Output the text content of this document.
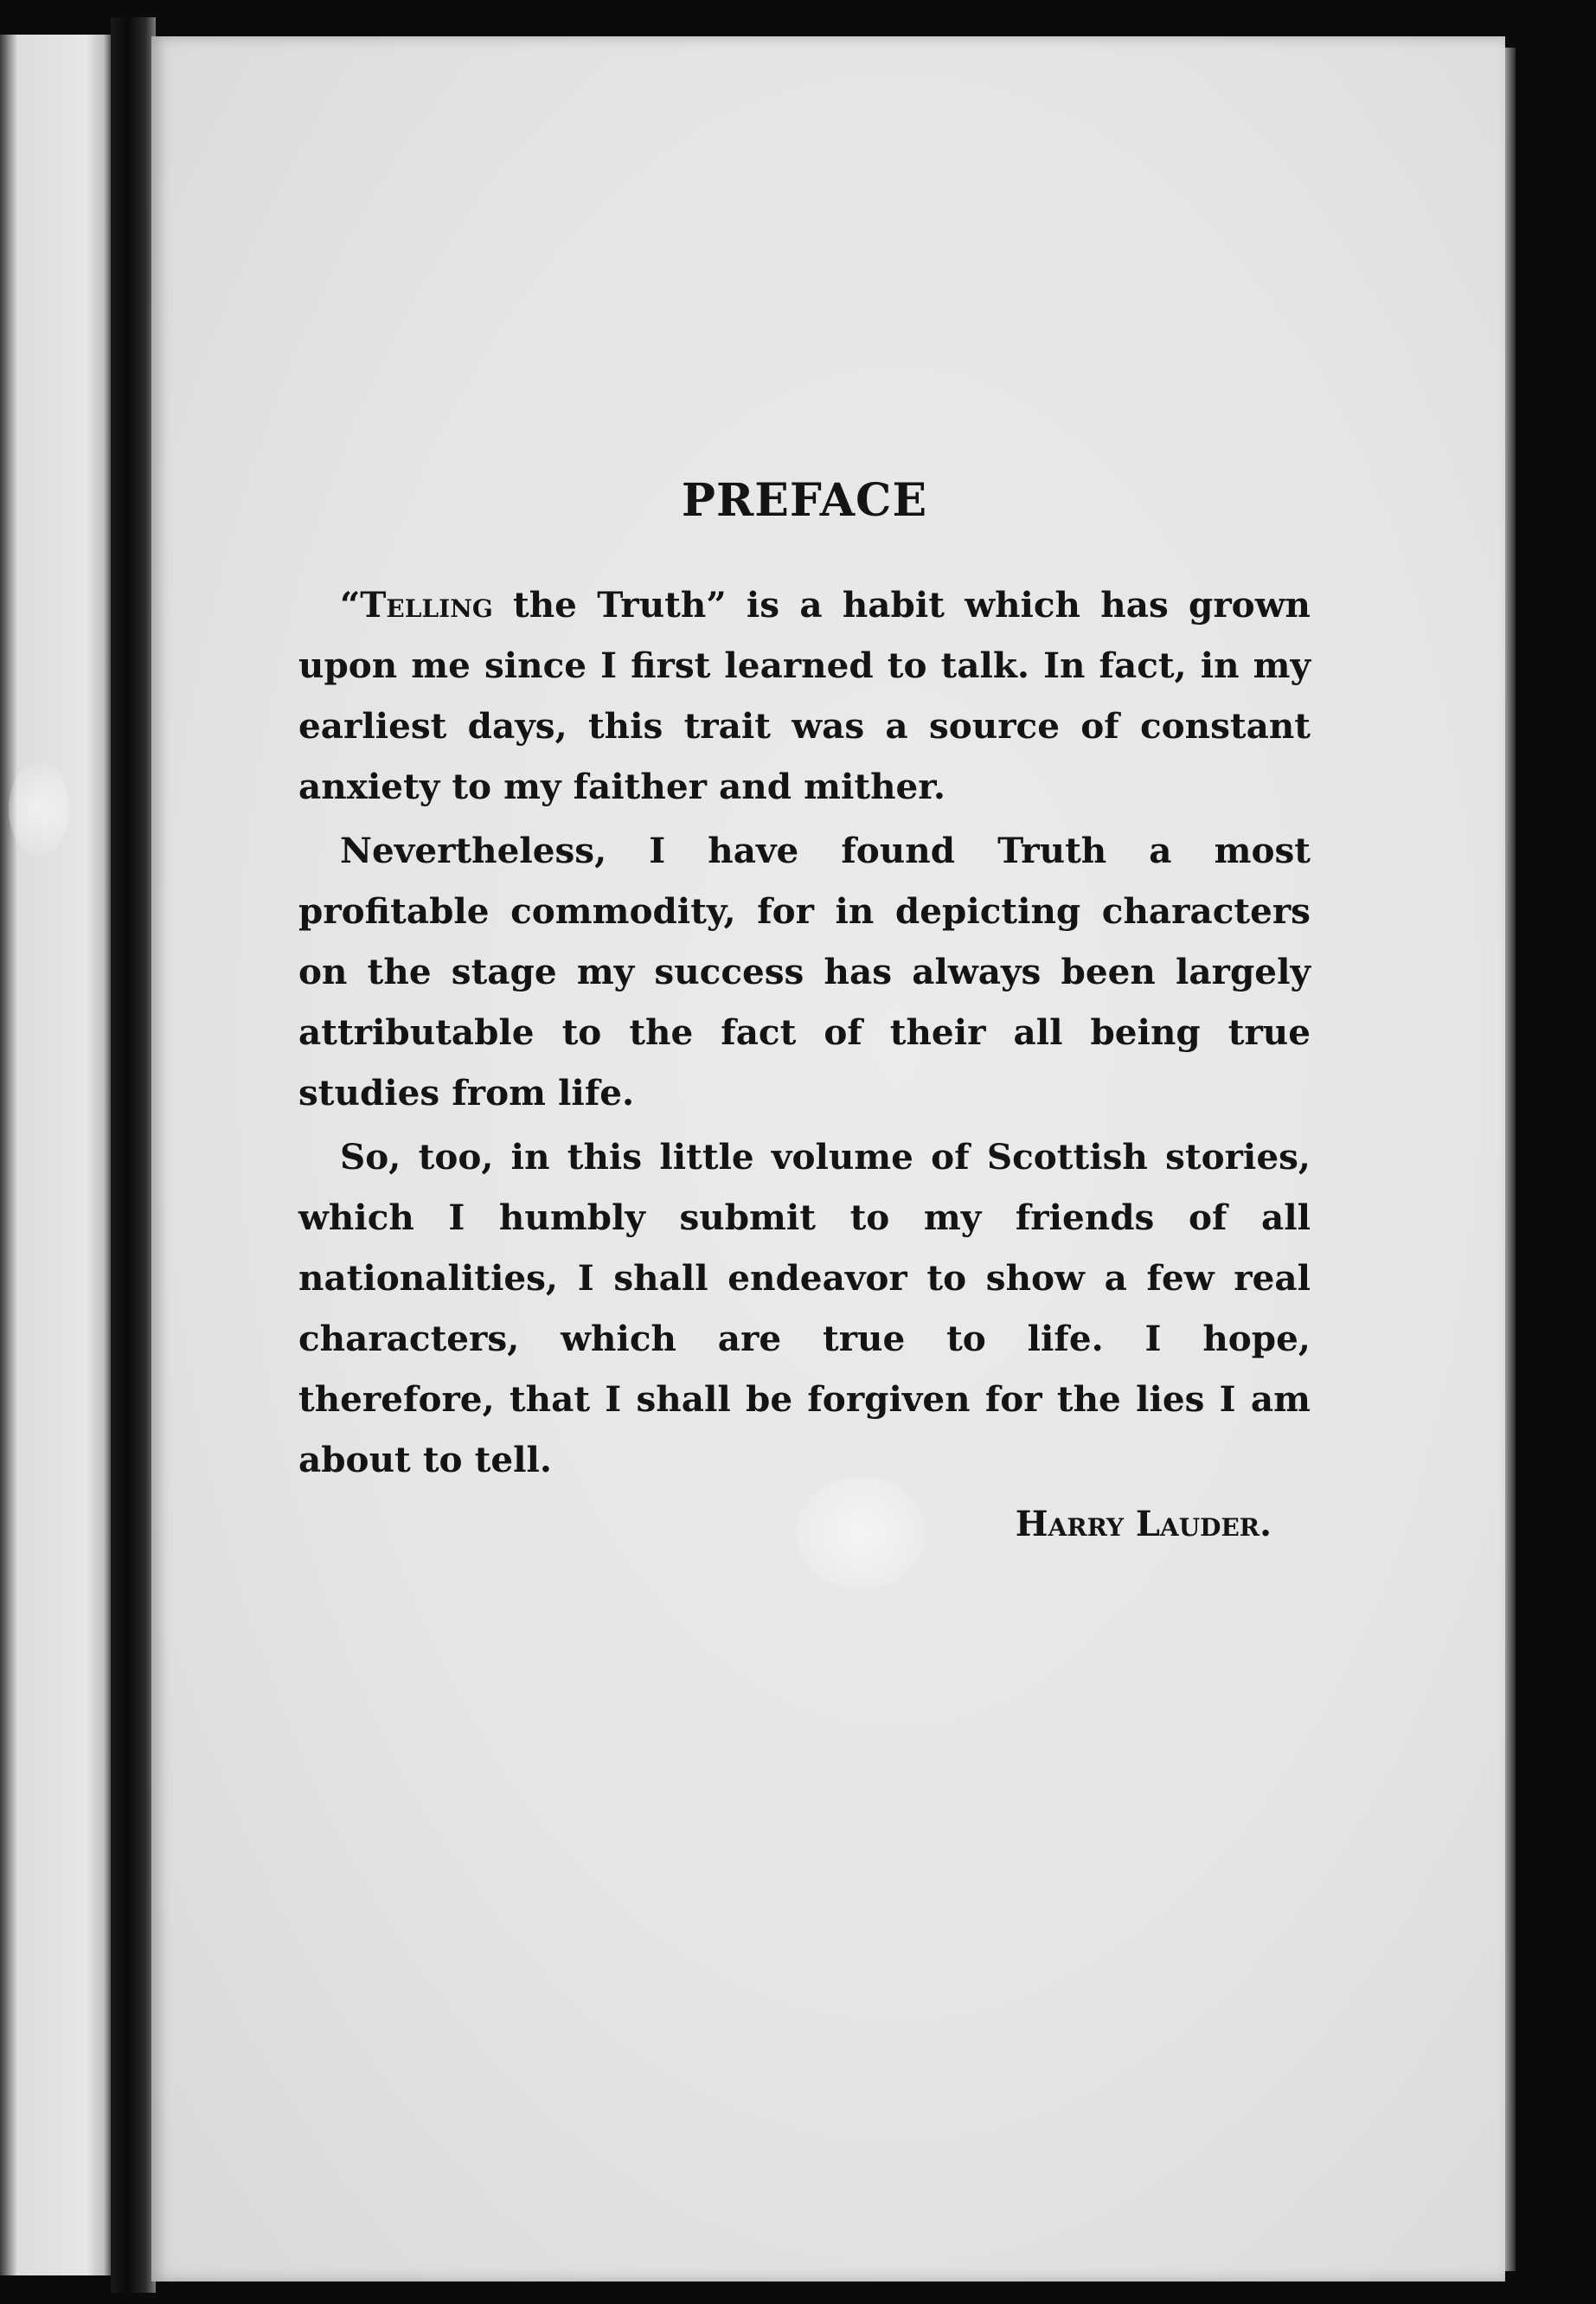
PREFACE

“Telling the Truth” is a habit which has grown upon me since I first learned to talk. In fact, in my earliest days, this trait was a source of constant anxiety to my faither and mither.

Nevertheless, I have found Truth a most profitable commodity, for in depicting characters on the stage my success has always been largely attributable to the fact of their all being true studies from life.

So, too, in this little volume of Scottish stories, which I humbly submit to my friends of all nationalities, I shall endeavor to show a few real characters, which are true to life. I hope, therefore, that I shall be forgiven for the lies I am about to tell.

Harry Lauder.
